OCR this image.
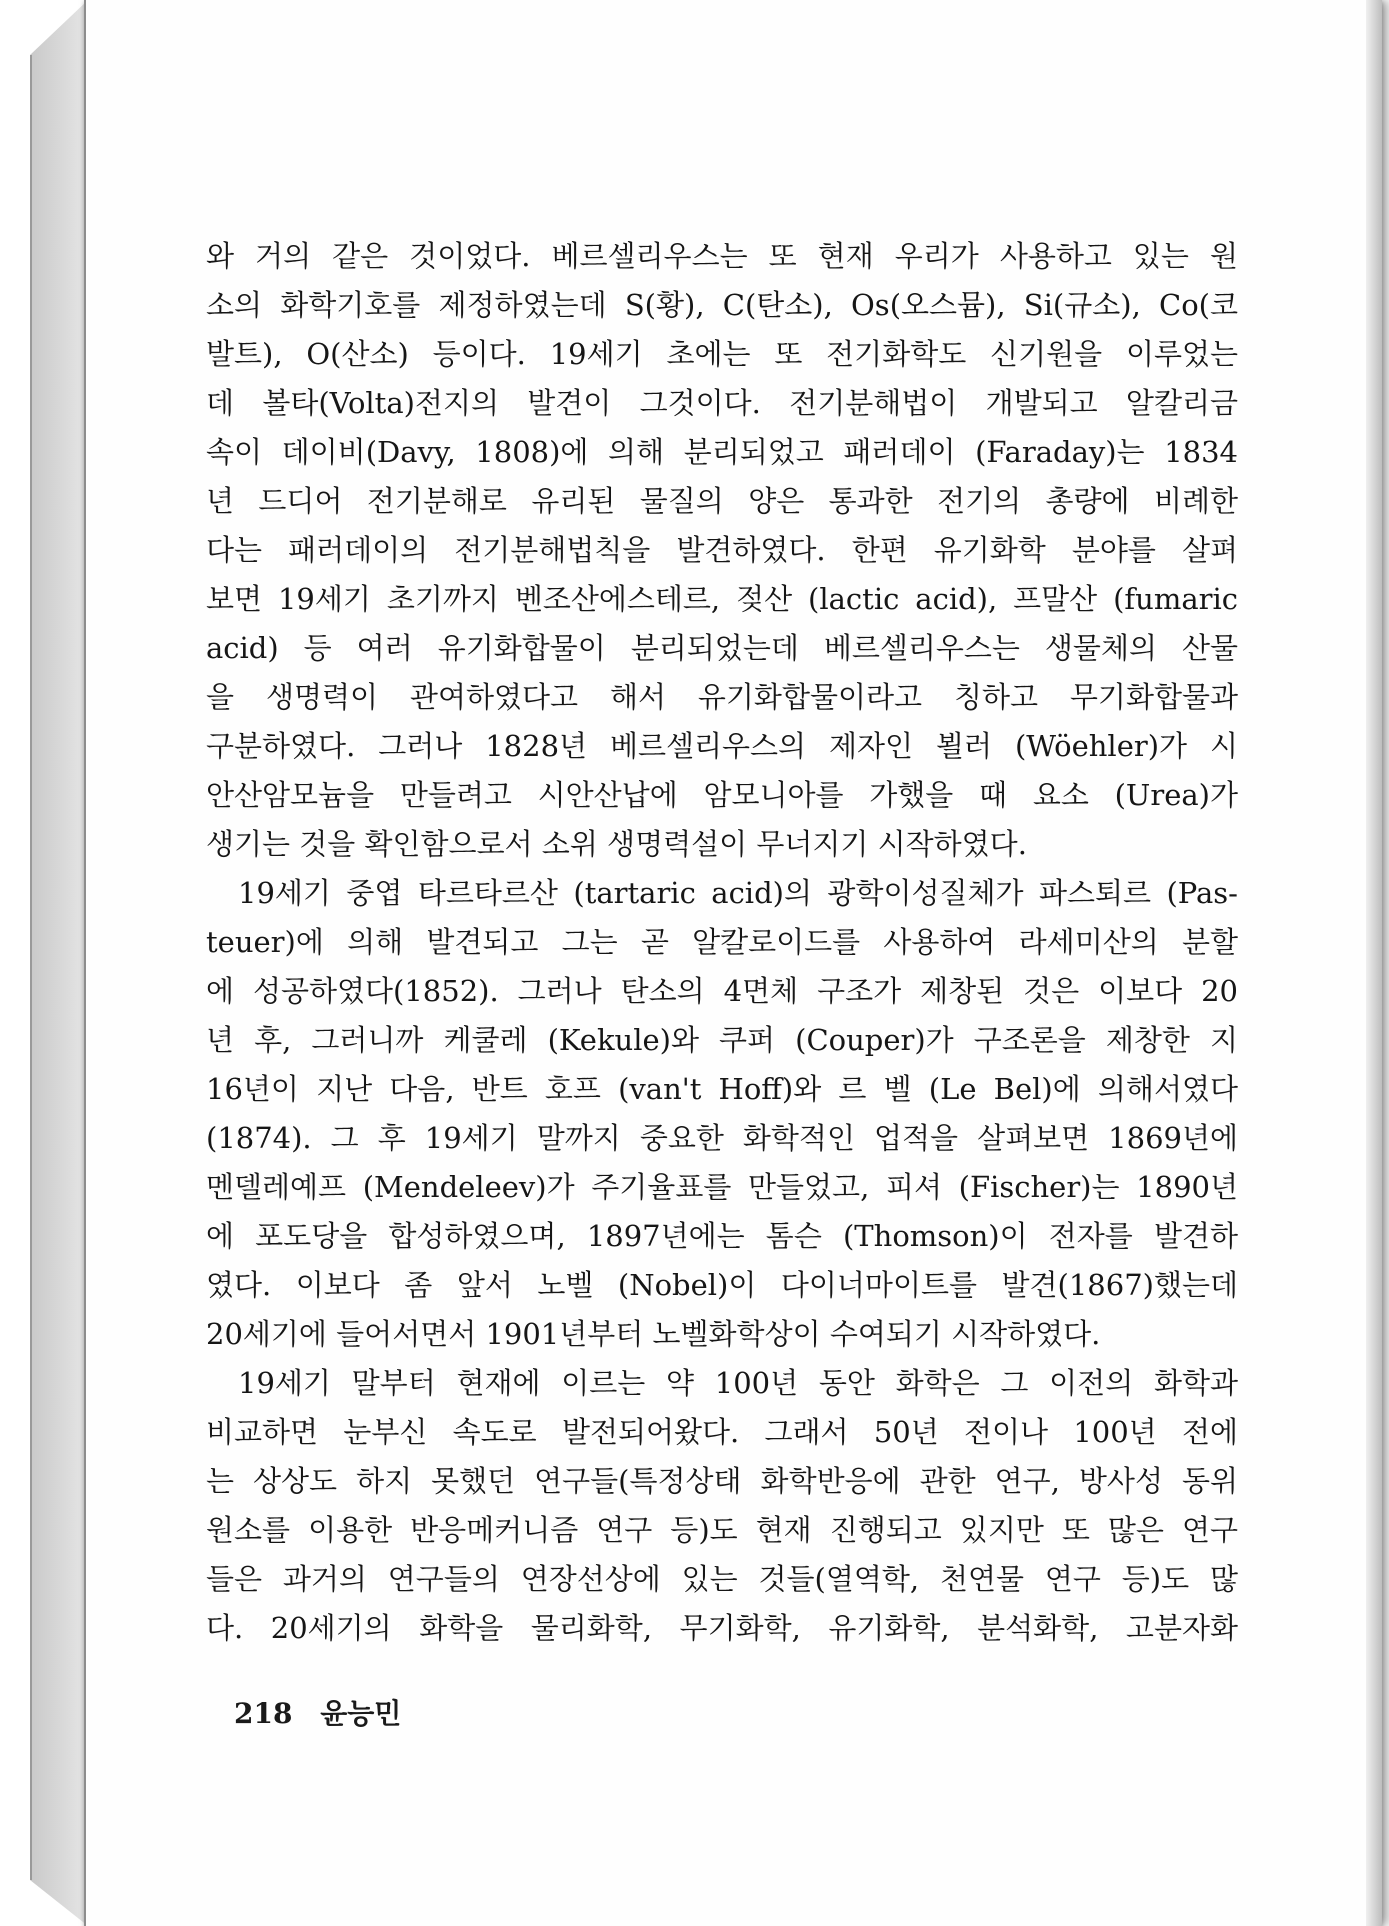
와 거의 같은 것이었다. 베르셀리우스는 또 현재 우리가 사용하고 있는 원
소의 화학기호를 제정하였는데 S(황), C(탄소), Os(오스뮴), Si(규소), Co(코
발트), O(산소) 등이다. 19세기 초에는 또 전기화학도 신기원을 이루었는
데 볼타(Volta)전지의 발견이 그것이다. 전기분해법이 개발되고 알칼리금
속이 데이비(Davy, 1808)에 의해 분리되었고 패러데이 (Faraday)는 1834
년 드디어 전기분해로 유리된 물질의 양은 통과한 전기의 총량에 비례한
다는 패러데이의 전기분해법칙을 발견하였다. 한편 유기화학 분야를 살펴
보면 19세기 초기까지 벤조산에스테르, 젖산 (lactic acid), 프말산 (fumaric
acid) 등 여러 유기화합물이 분리되었는데 베르셀리우스는 생물체의 산물
을 생명력이 관여하였다고 해서 유기화합물이라고 칭하고 무기화합물과
구분하였다. 그러나 1828년 베르셀리우스의 제자인 뵐러 (Wöehler)가 시
안산암모늄을 만들려고 시안산납에 암모니아를 가했을 때 요소 (Urea)가
생기는 것을 확인함으로서 소위 생명력설이 무너지기 시작하였다.
19세기 중엽 타르타르산 (tartaric acid)의 광학이성질체가 파스퇴르 (Pas-
teuer)에 의해 발견되고 그는 곧 알칼로이드를 사용하여 라세미산의 분할
에 성공하였다(1852). 그러나 탄소의 4면체 구조가 제창된 것은 이보다 20
년 후, 그러니까 케쿨레 (Kekule)와 쿠퍼 (Couper)가 구조론을 제창한 지
16년이 지난 다음, 반트 호프 (van't Hoff)와 르 벨 (Le Bel)에 의해서였다
(1874). 그 후 19세기 말까지 중요한 화학적인 업적을 살펴보면 1869년에
멘델레예프 (Mendeleev)가 주기율표를 만들었고, 피셔 (Fischer)는 1890년
에 포도당을 합성하였으며, 1897년에는 톰슨 (Thomson)이 전자를 발견하
였다. 이보다 좀 앞서 노벨 (Nobel)이 다이너마이트를 발견(1867)했는데
20세기에 들어서면서 1901년부터 노벨화학상이 수여되기 시작하였다.
19세기 말부터 현재에 이르는 약 100년 동안 화학은 그 이전의 화학과
비교하면 눈부신 속도로 발전되어왔다. 그래서 50년 전이나 100년 전에
는 상상도 하지 못했던 연구들(특정상태 화학반응에 관한 연구, 방사성 동위
원소를 이용한 반응메커니즘 연구 등)도 현재 진행되고 있지만 또 많은 연구
들은 과거의 연구들의 연장선상에 있는 것들(열역학, 천연물 연구 등)도 많
다. 20세기의 화학을 물리화학, 무기화학, 유기화학, 분석화학, 고분자화
218 윤능민
